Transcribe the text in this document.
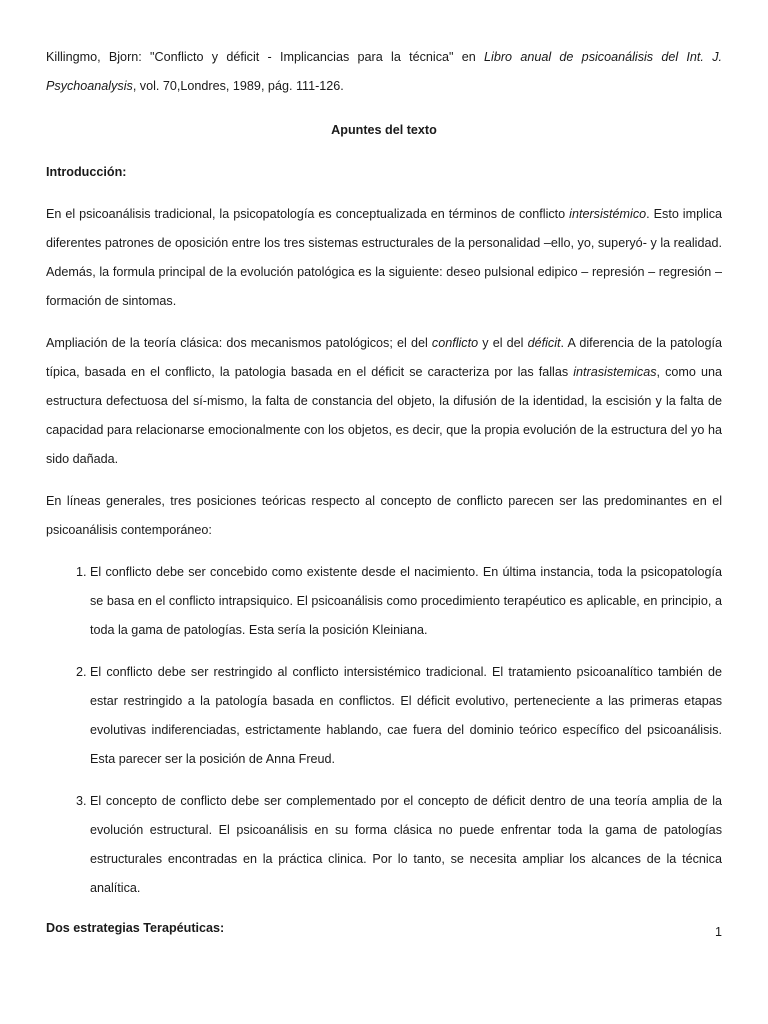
Killingmo, Bjorn: "Conflicto y déficit - Implicancias para la técnica" en Libro anual de psicoanálisis del Int. J. Psychoanalysis, vol. 70,Londres, 1989, pág. 111-126.

Apuntes del texto

Introducción:

En el psicoanálisis tradicional, la psicopatología es conceptualizada en términos de conflicto intersistémico. Esto implica diferentes patrones de oposición entre los tres sistemas estructurales de la personalidad –ello, yo, superyó- y la realidad. Además, la formula principal de la evolución patológica es la siguiente: deseo pulsional edipico – represión – regresión – formación de sintomas.

Ampliación de la teoría clásica: dos mecanismos patológicos; el del conflicto y el del déficit. A diferencia de la patología típica, basada en el conflicto, la patologia basada en el déficit se caracteriza por las fallas intrasistemicas, como una estructura defectuosa del sí-mismo, la falta de constancia del objeto, la difusión de la identidad, la escisión y la falta de capacidad para relacionarse emocionalmente con los objetos, es decir, que la propia evolución de la estructura del yo ha sido dañada.

En líneas generales, tres posiciones teóricas respecto al concepto de conflicto parecen ser las predominantes en el psicoanálisis contemporáneo:

1. El conflicto debe ser concebido como existente desde el nacimiento. En última instancia, toda la psicopatología se basa en el conflicto intrapsiquico. El psicoanálisis como procedimiento terapéutico es aplicable, en principio, a toda la gama de patologías. Esta sería la posición Kleiniana.
2. El conflicto debe ser restringido al conflicto intersistémico tradicional. El tratamiento psicoanalítico también de estar restringido a la patología basada en conflictos. El déficit evolutivo, perteneciente a las primeras etapas evolutivas indiferenciadas, estrictamente hablando, cae fuera del dominio teórico específico del psicoanálisis. Esta parecer ser la posición de Anna Freud.
3. El concepto de conflicto debe ser complementado por el concepto de déficit dentro de una teoría amplia de la evolución estructural. El psicoanálisis en su forma clásica no puede enfrentar toda la gama de patologías estructurales encontradas en la práctica clinica. Por lo tanto, se necesita ampliar los alcances de la técnica analítica.

Dos estrategias Terapéuticas:	1
